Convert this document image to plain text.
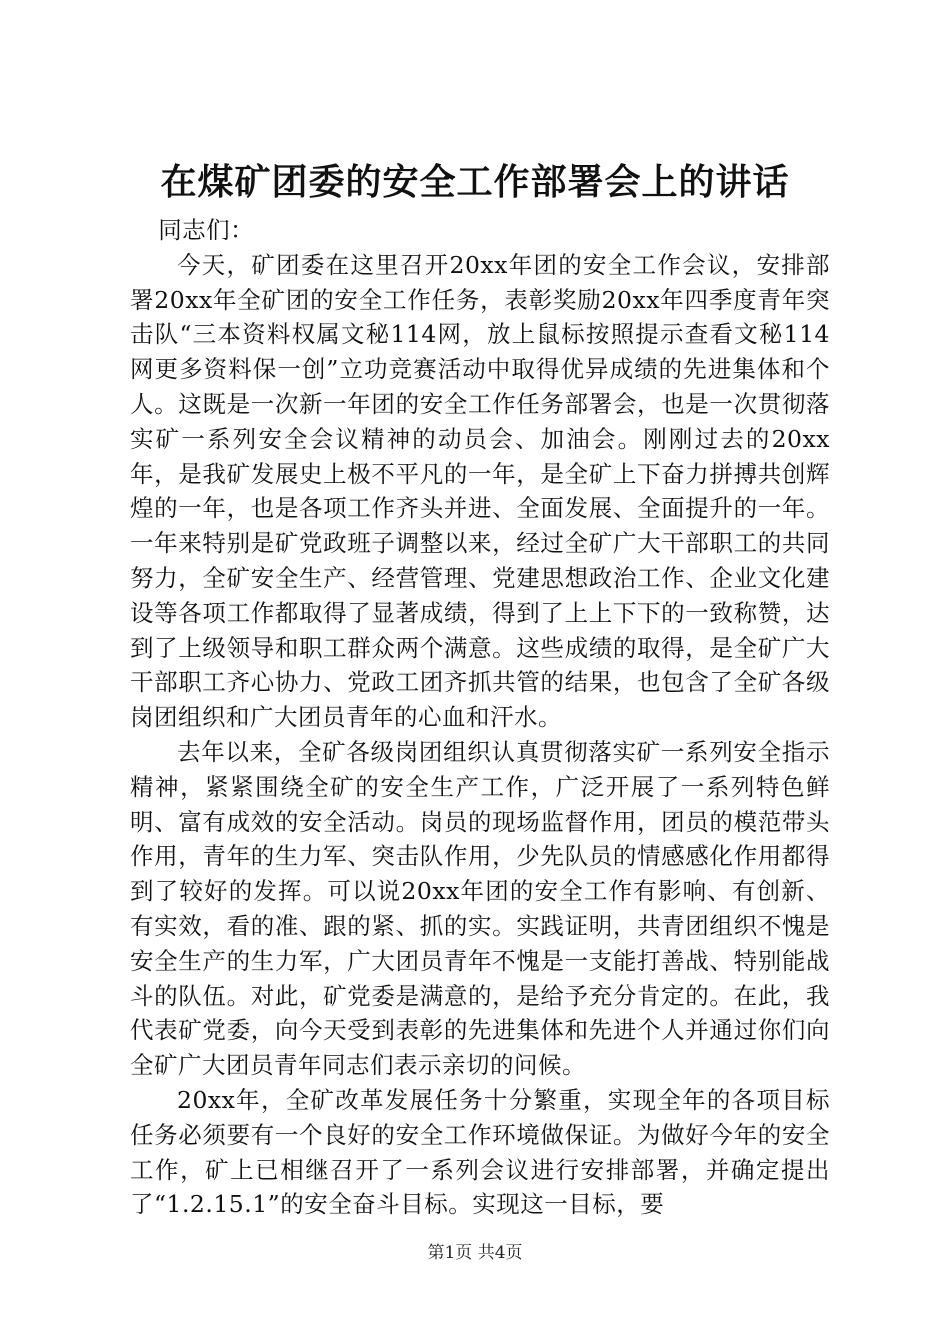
在煤矿团委的安全工作部署会上的讲话

同志们：

今天，矿团委在这里召开20xx年团的安全工作会议，安排部署20xx年全矿团的安全工作任务，表彰奖励20xx年四季度青年突击队“三本资料权属文秘114网，放上鼠标按照提示查看文秘114网更多资料保一创”立功竞赛活动中取得优异成绩的先进集体和个人。这既是一次新一年团的安全工作任务部署会，也是一次贯彻落实矿一系列安全会议精神的动员会、加油会。刚刚过去的20xx年，是我矿发展史上极不平凡的一年，是全矿上下奋力拼搏共创辉煌的一年，也是各项工作齐头并进、全面发展、全面提升的一年。一年来特别是矿党政班子调整以来，经过全矿广大干部职工的共同努力，全矿安全生产、经营管理、党建思想政治工作、企业文化建设等各项工作都取得了显著成绩，得到了上上下下的一致称赞，达到了上级领导和职工群众两个满意。这些成绩的取得，是全矿广大干部职工齐心协力、党政工团齐抓共管的结果，也包含了全矿各级岗团组织和广大团员青年的心血和汗水。

去年以来，全矿各级岗团组织认真贯彻落实矿一系列安全指示精神，紧紧围绕全矿的安全生产工作，广泛开展了一系列特色鲜明、富有成效的安全活动。岗员的现场监督作用，团员的模范带头作用，青年的生力军、突击队作用，少先队员的情感感化作用都得到了较好的发挥。可以说20xx年团的安全工作有影响、有创新、有实效，看的准、跟的紧、抓的实。实践证明，共青团组织不愧是安全生产的生力军，广大团员青年不愧是一支能打善战、特别能战斗的队伍。对此，矿党委是满意的，是给予充分肯定的。在此，我代表矿党委，向今天受到表彰的先进集体和先进个人并通过你们向全矿广大团员青年同志们表示亲切的问候。

20xx年，全矿改革发展任务十分繁重，实现全年的各项目标任务必须要有一个良好的安全工作环境做保证。为做好今年的安全工作，矿上已相继召开了一系列会议进行安排部署，并确定提出了“1.2.15.1”的安全奋斗目标。实现这一目标，要

第1页 共4页
